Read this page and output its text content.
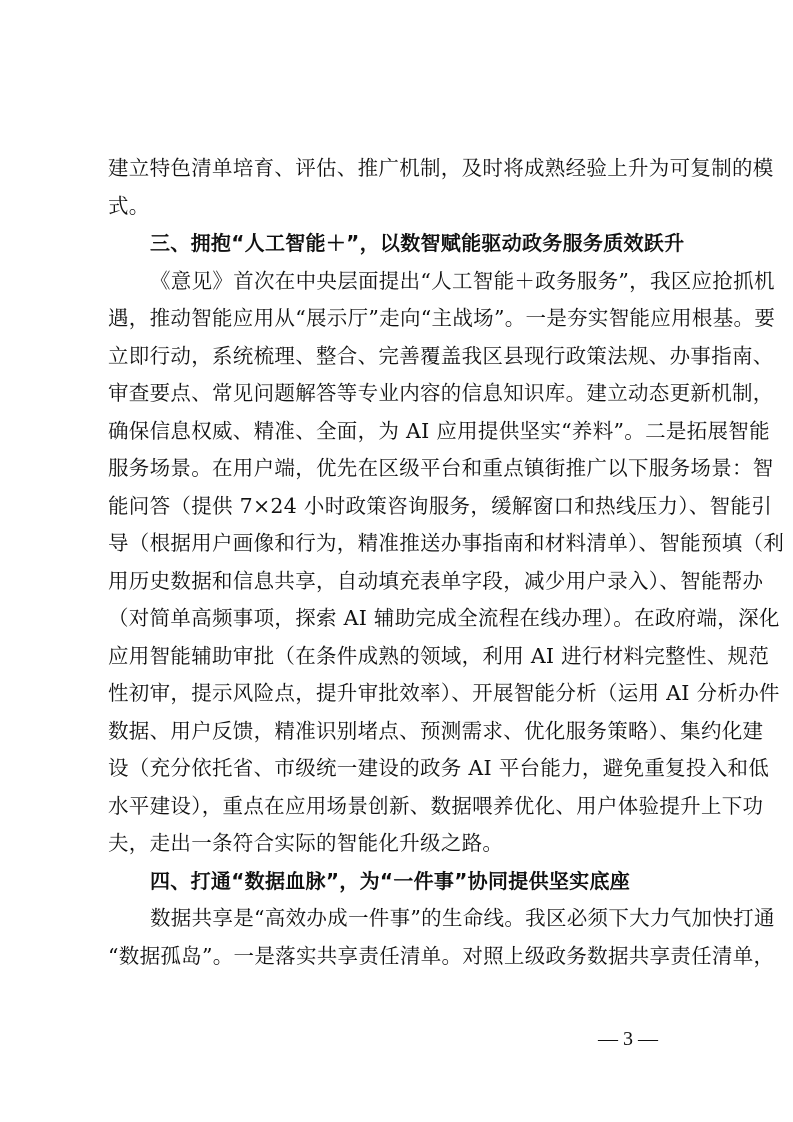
建立特色清单培育、评估、推广机制，及时将成熟经验上升为可复制的模
式。
三、拥抱“人工智能＋”，以数智赋能驱动政务服务质效跃升
《意见》首次在中央层面提出“人工智能＋政务服务”，我区应抢抓机
遇，推动智能应用从“展示厅”走向“主战场”。一是夯实智能应用根基。要
立即行动，系统梳理、整合、完善覆盖我区县现行政策法规、办事指南、
审查要点、常见问题解答等专业内容的信息知识库。建立动态更新机制，
确保信息权威、精准、全面，为 AI 应用提供坚实“养料”。二是拓展智能
服务场景。在用户端，优先在区级平台和重点镇街推广以下服务场景：智
能问答（提供 7×24 小时政策咨询服务，缓解窗口和热线压力）、智能引
导（根据用户画像和行为，精准推送办事指南和材料清单）、智能预填（利
用历史数据和信息共享，自动填充表单字段，减少用户录入）、智能帮办
（对简单高频事项，探索 AI 辅助完成全流程在线办理）。在政府端，深化
应用智能辅助审批（在条件成熟的领域，利用 AI 进行材料完整性、规范
性初审，提示风险点，提升审批效率）、开展智能分析（运用 AI 分析办件
数据、用户反馈，精准识别堵点、预测需求、优化服务策略）、集约化建
设（充分依托省、市级统一建设的政务 AI 平台能力，避免重复投入和低
水平建设），重点在应用场景创新、数据喂养优化、用户体验提升上下功
夫，走出一条符合实际的智能化升级之路。
四、打通“数据血脉”，为“一件事”协同提供坚实底座
数据共享是“高效办成一件事”的生命线。我区必须下大力气加快打通
“数据孤岛”。一是落实共享责任清单。对照上级政务数据共享责任清单，
— 3 —
